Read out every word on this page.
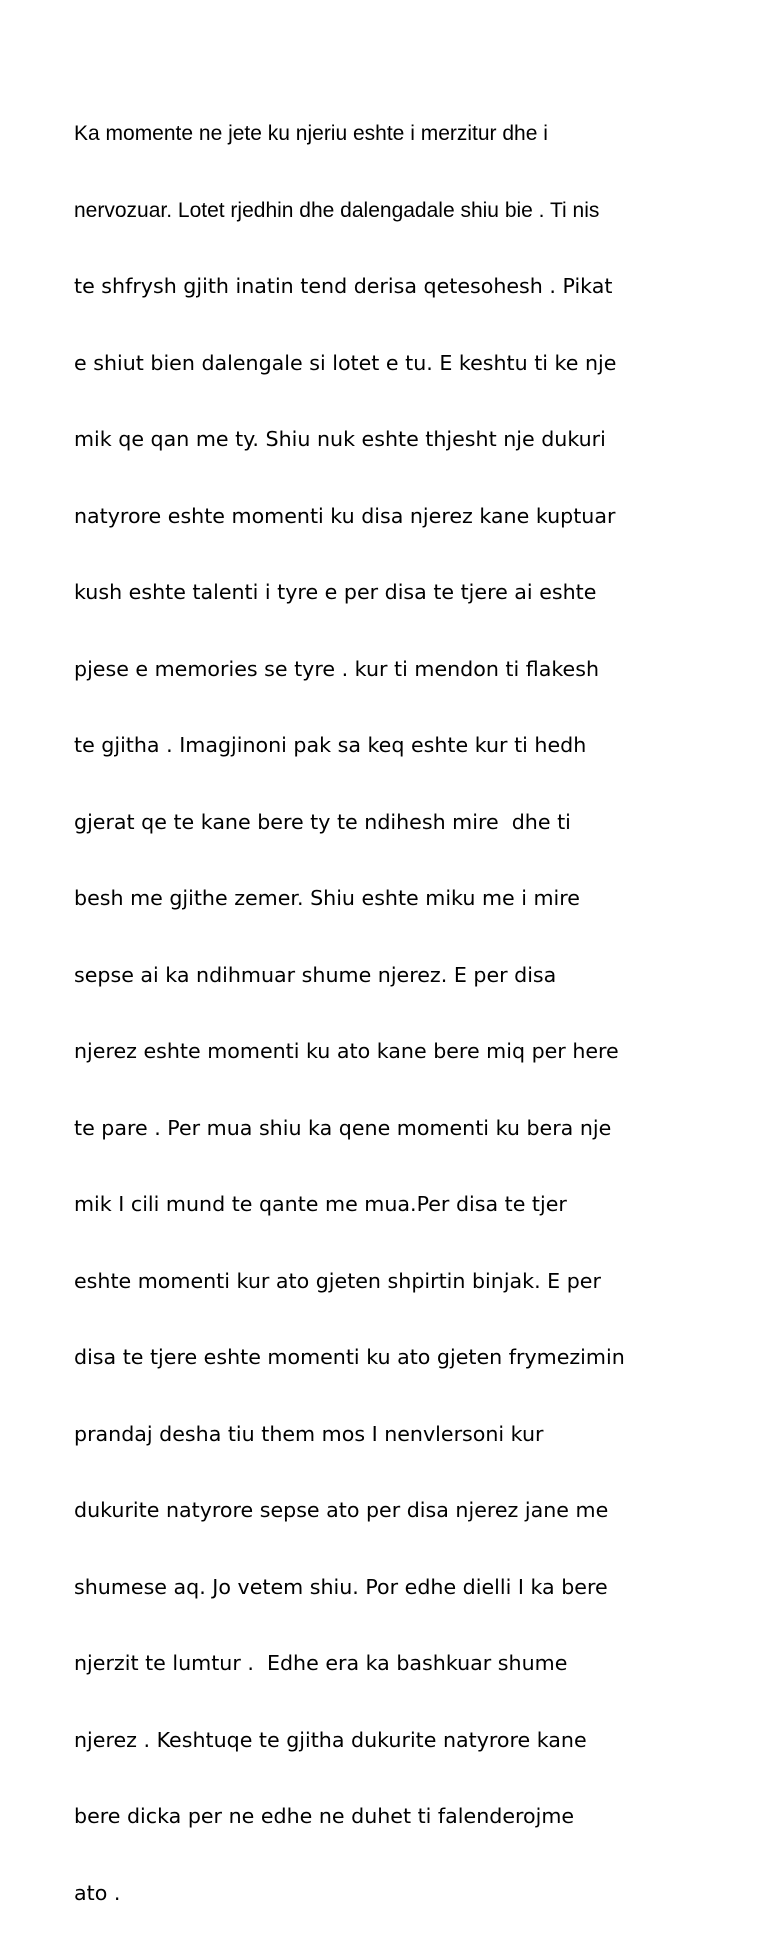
Ka momente ne jete ku njeriu eshte i merzitur dhe i

nervozuar. Lotet rjedhin dhe dalengadale shiu bie . Ti nis

te shfrysh gjith inatin tend derisa qetesohesh . Pikat

e shiut bien dalengale si lotet e tu. E keshtu ti ke nje

mik qe qan me ty. Shiu nuk eshte thjesht nje dukuri

natyrore eshte momenti ku disa njerez kane kuptuar

kush eshte talenti i tyre e per disa te tjere ai eshte

pjese e memories se tyre . kur ti mendon ti flakesh

te gjitha . Imagjinoni pak sa keq eshte kur ti hedh

gjerat qe te kane bere ty te ndihesh mire  dhe ti

besh me gjithe zemer. Shiu eshte miku me i mire

sepse ai ka ndihmuar shume njerez. E per disa

njerez eshte momenti ku ato kane bere miq per here

te pare . Per mua shiu ka qene momenti ku bera nje

mik I cili mund te qante me mua.Per disa te tjer

eshte momenti kur ato gjeten shpirtin binjak. E per

disa te tjere eshte momenti ku ato gjeten frymezimin

prandaj desha tiu them mos I nenvlersoni kur

dukurite natyrore sepse ato per disa njerez jane me

shumese aq. Jo vetem shiu. Por edhe dielli I ka bere

njerzit te lumtur .  Edhe era ka bashkuar shume

njerez . Keshtuqe te gjitha dukurite natyrore kane

bere dicka per ne edhe ne duhet ti falenderojme

ato .
